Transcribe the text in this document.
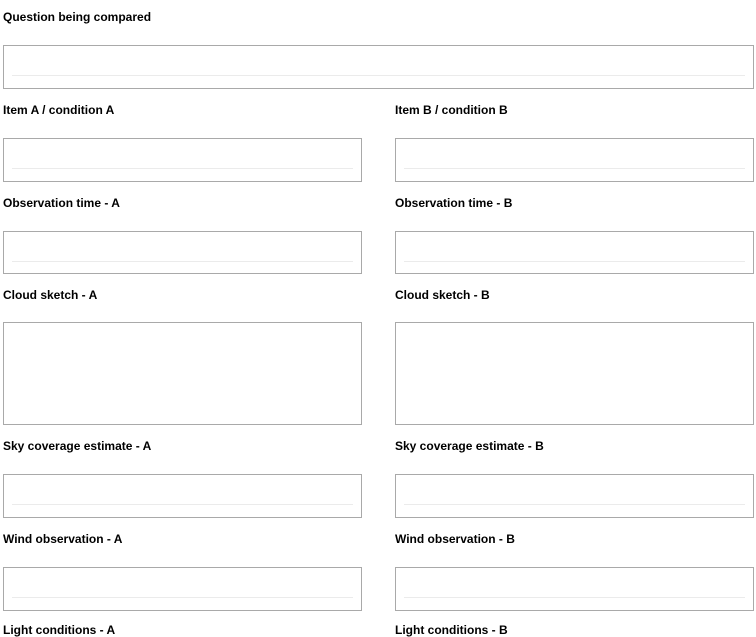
Question being compared
Item A / condition A	Item B / condition B
Observation time - A	Observation time - B
Cloud sketch - A	Cloud sketch - B
Sky coverage estimate - A	Sky coverage estimate - B
Wind observation - A	Wind observation - B
Light conditions - A	Light conditions - B
